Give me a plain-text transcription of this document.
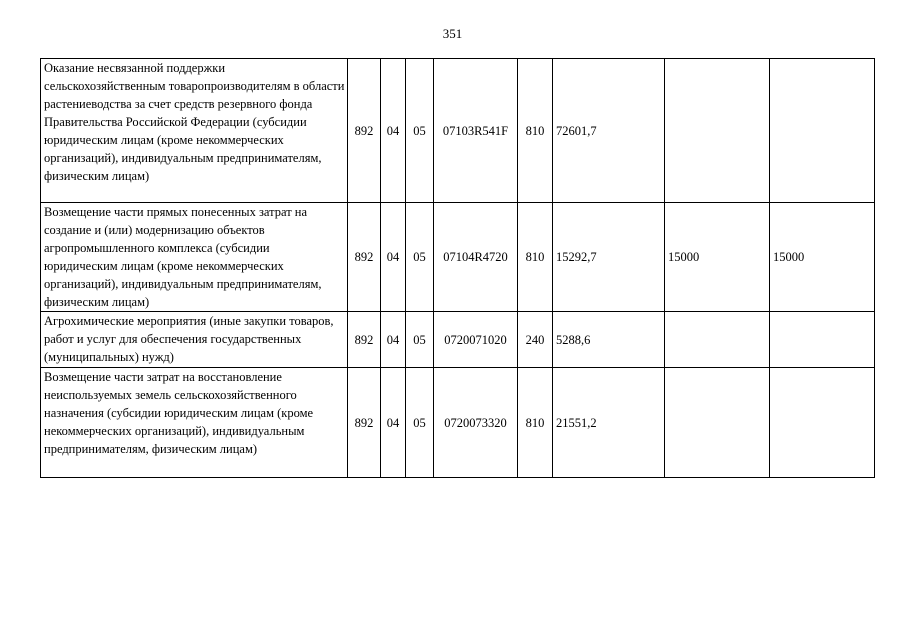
351
Оказание несвязанной поддержки сельскохозяйственным товаропроизводителям в области растениеводства за счет средств резервного фонда Правительства Российской Федерации (субсидии юридическим лицам (кроме некоммерческих организаций), индивидуальным предпринимателям, физическим лицам)	892	04	05	07103R541F	810	72601,7		
Возмещение части прямых понесенных затрат на создание и (или) модернизацию объектов агропромышленного комплекса (субсидии юридическим лицам (кроме некоммерческих организаций), индивидуальным предпринимателям, физическим лицам)	892	04	05	07104R4720	810	15292,7	15000	15000
Агрохимические мероприятия (иные закупки товаров, работ и услуг для обеспечения государственных (муниципальных) нужд)	892	04	05	0720071020	240	5288,6		
Возмещение части затрат на восстановление неиспользуемых земель сельскохозяйственного назначения (субсидии юридическим лицам (кроме некоммерческих организаций), индивидуальным предпринимателям, физическим лицам)	892	04	05	0720073320	810	21551,2		
